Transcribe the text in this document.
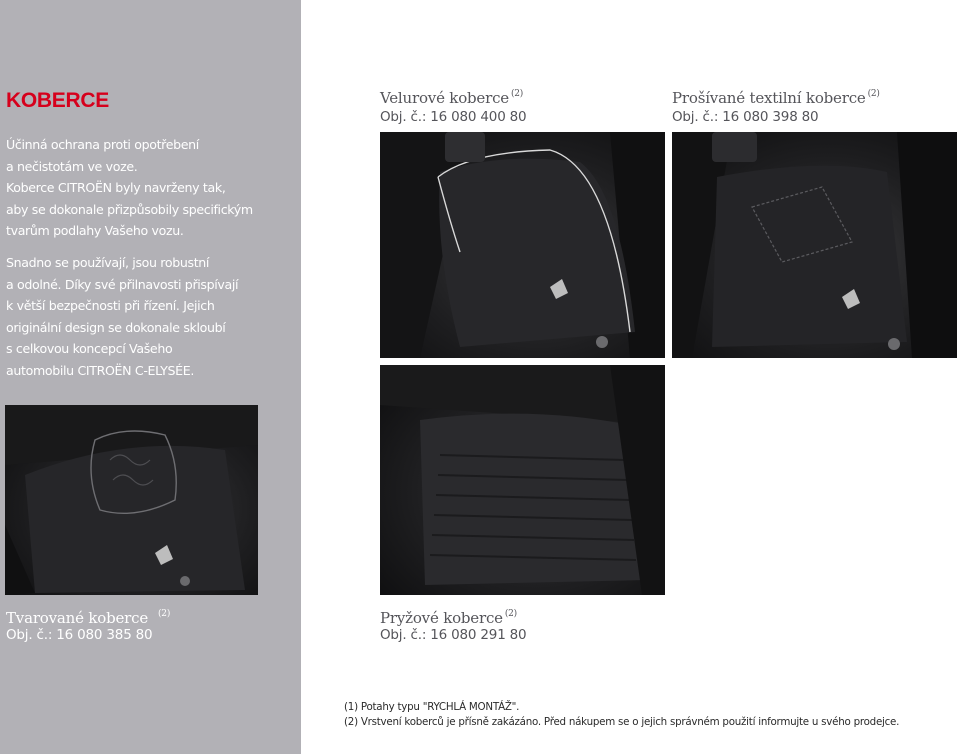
KOBERCE
Účinná ochrana proti opotřebení
a nečistotám ve voze.
Koberce CITROËN byly navrženy tak,
aby se dokonale přizpůsobily specifickým
tvarům podlahy Vašeho vozu.
Snadno se používají, jsou robustní
a odolné. Díky své přilnavosti přispívají
k větší bezpečnosti při řízení. Jejich
originální design se dokonale skloubí
s celkovou koncepcí Vašeho
automobilu CITROËN C-ELYSÉE.
Velurové koberce $^{(2)}$
Obj. č.: 16 080 400 80
Prošívané textilní koberce $^{(2)}$
Obj. č.: 16 080 398 80
Pryžové koberce $^{(2)}$
Obj. č.: 16 080 291 80
Tvarované koberce $^{(2)}$
Obj. č.: 16 080 385 80
(1) Potahy typu "RYCHLÁ MONTÁŽ".
(2) Vrstvení koberců je přísně zakázáno. Před nákupem se o jejich správném použití informujte u svého prodejce.
